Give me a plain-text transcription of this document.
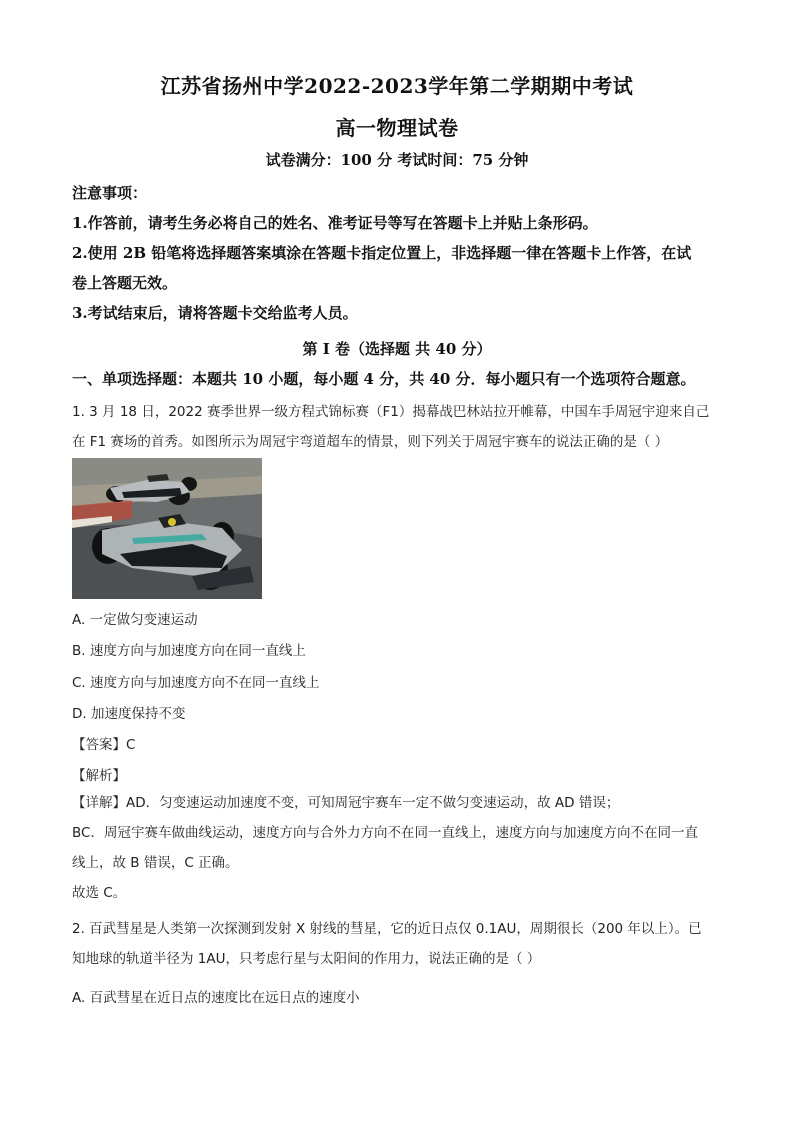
江苏省扬州中学2022-2023学年第二学期期中考试
高一物理试卷
试卷满分：100 分 考试时间：75 分钟
注意事项：
1.作答前，请考生务必将自己的姓名、准考证号等写在答题卡上并贴上条形码。
2.使用 2B 铅笔将选择题答案填涂在答题卡指定位置上，非选择题一律在答题卡上作答，在试
卷上答题无效。
3.考试结束后，请将答题卡交给监考人员。
第 I 卷（选择题 共 40 分）
一、单项选择题：本题共 10 小题，每小题 4 分，共 40 分．每小题只有一个选项符合题意。
1. 3 月 18 日，2022 赛季世界一级方程式锦标赛（F1）揭幕战巴林站拉开帷幕，中国车手周冠宇迎来自己
在 F1 赛场的首秀。如图所示为周冠宇弯道超车的情景，则下列关于周冠宇赛车的说法正确的是（ ）
A. 一定做匀变速运动
B. 速度方向与加速度方向在同一直线上
C. 速度方向与加速度方向不在同一直线上
D. 加速度保持不变
【答案】C
【解析】
【详解】AD．匀变速运动加速度不变，可知周冠宇赛车一定不做匀变速运动，故 AD 错误；
BC．周冠宇赛车做曲线运动，速度方向与合外力方向不在同一直线上，速度方向与加速度方向不在同一直
线上，故 B 错误，C 正确。
故选 C。
2. 百武彗星是人类第一次探测到发射 X 射线的彗星，它的近日点仅 0.1AU，周期很长（200 年以上）。已
知地球的轨道半径为 1AU，只考虑行星与太阳间的作用力，说法正确的是（ ）
A. 百武彗星在近日点的速度比在远日点的速度小
